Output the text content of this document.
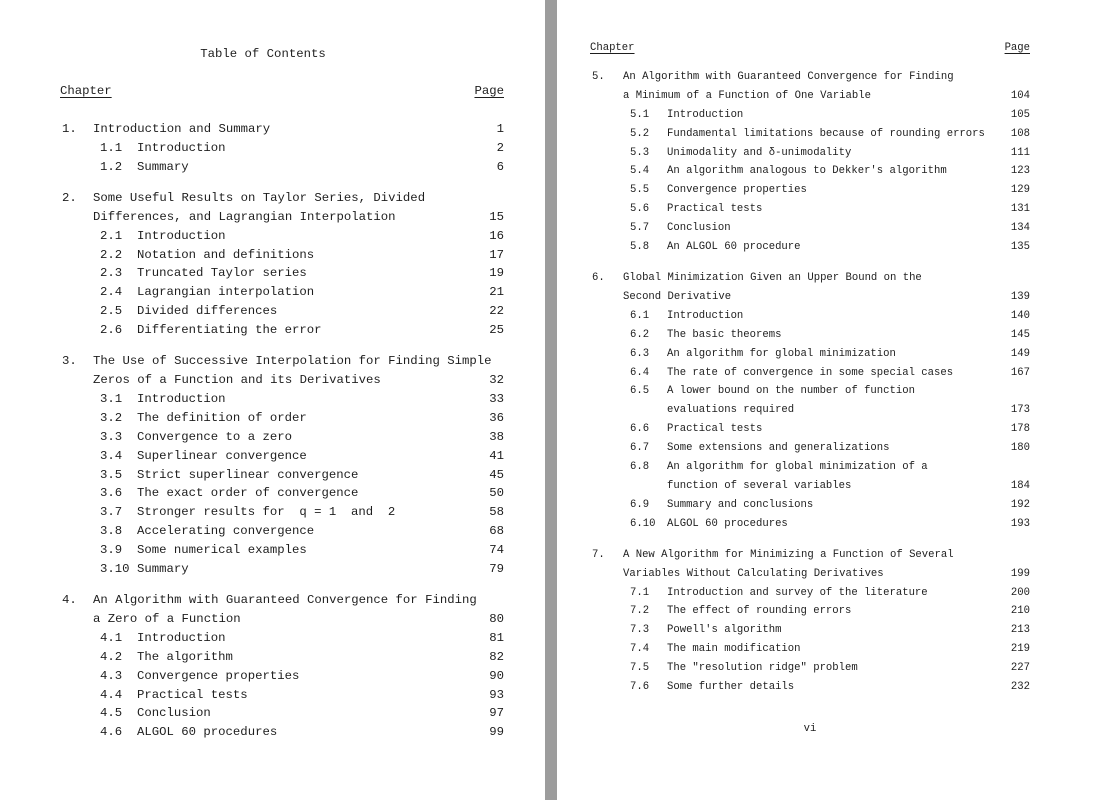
Table of Contents
Chapter	Page
1. Introduction and Summary	1
1.1 Introduction	2
1.2 Summary	6
2. Some Useful Results on Taylor Series, Divided
Differences, and Lagrangian Interpolation	15
2.1 Introduction	16
2.2 Notation and definitions	17
2.3 Truncated Taylor series	19
2.4 Lagrangian interpolation	21
2.5 Divided differences	22
2.6 Differentiating the error	25
3. The Use of Successive Interpolation for Finding Simple
Zeros of a Function and its Derivatives	32
3.1 Introduction	33
3.2 The definition of order	36
3.3 Convergence to a zero	38
3.4 Superlinear convergence	41
3.5 Strict superlinear convergence	45
3.6 The exact order of convergence	50
3.7 Stronger results for  q = 1  and  2	58
3.8 Accelerating convergence	68
3.9 Some numerical examples	74
3.10 Summary	79
4. An Algorithm with Guaranteed Convergence for Finding
a Zero of a Function	80
4.1 Introduction	81
4.2 The algorithm	82
4.3 Convergence properties	90
4.4 Practical tests	93
4.5 Conclusion	97
4.6 ALGOL 60 procedures	99
Chapter	Page
5. An Algorithm with Guaranteed Convergence for Finding
a Minimum of a Function of One Variable	104
5.1 Introduction	105
5.2 Fundamental limitations because of rounding errors 108
5.3 Unimodality and δ-unimodality	111
5.4 An algorithm analogous to Dekker's algorithm	123
5.5 Convergence properties	129
5.6 Practical tests	131
5.7 Conclusion	134
5.8 An ALGOL 60 procedure	135
6. Global Minimization Given an Upper Bound on the
Second Derivative	139
6.1 Introduction	140
6.2 The basic theorems	145
6.3 An algorithm for global minimization	149
6.4 The rate of convergence in some special cases	167
6.5 A lower bound on the number of function
evaluations required	173
6.6 Practical tests	178
6.7 Some extensions and generalizations	180
6.8 An algorithm for global minimization of a
function of several variables	184
6.9 Summary and conclusions	192
6.10 ALGOL 60 procedures	193
7. A New Algorithm for Minimizing a Function of Several
Variables Without Calculating Derivatives	199
7.1 Introduction and survey of the literature	200
7.2 The effect of rounding errors	210
7.3 Powell's algorithm	213
7.4 The main modification	219
7.5 The "resolution ridge" problem	227
7.6 Some further details	232
vi
